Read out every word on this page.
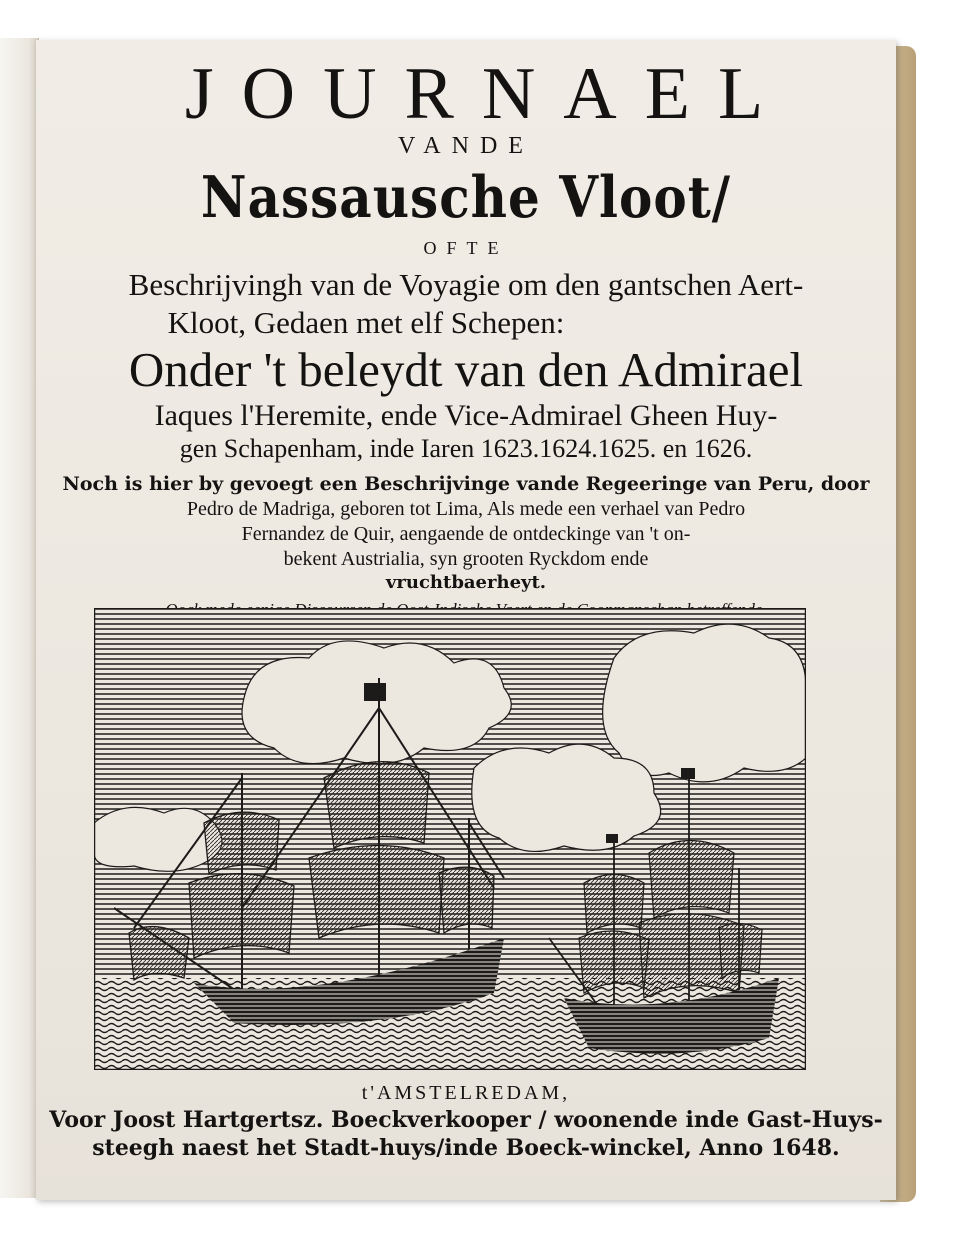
JOURNAEL
VANDE
Nassausche Vloot/
OFTE
Beschrijvingh van de Voyagie om den gantschen Aert-
Kloot, Gedaen met elf Schepen:
Onder 't beleydt van den Admirael
Iaques l'Heremite, ende Vice-Admirael Gheen Huy-
gen Schapenham, inde Iaren 1623.1624.1625. en 1626.
Noch is hier by gevoegt een Beschrijvinge vande Regeeringe van Peru, door
Pedro de Madriga, geboren tot Lima, Als mede een verhael van Pedro
Fernandez de Quir, aengaende de ontdeckinge van 't on-
bekent Austrialia, syn grooten Ryckdom ende
vruchtbaerheyt.
t'AMSTELREDAM,
Voor Joost Hartgertsz. Boeckverkooper / woonende inde Gast-Huys-
steegh naest het Stadt-huys/inde Boeck-winckel, Anno 1648.
